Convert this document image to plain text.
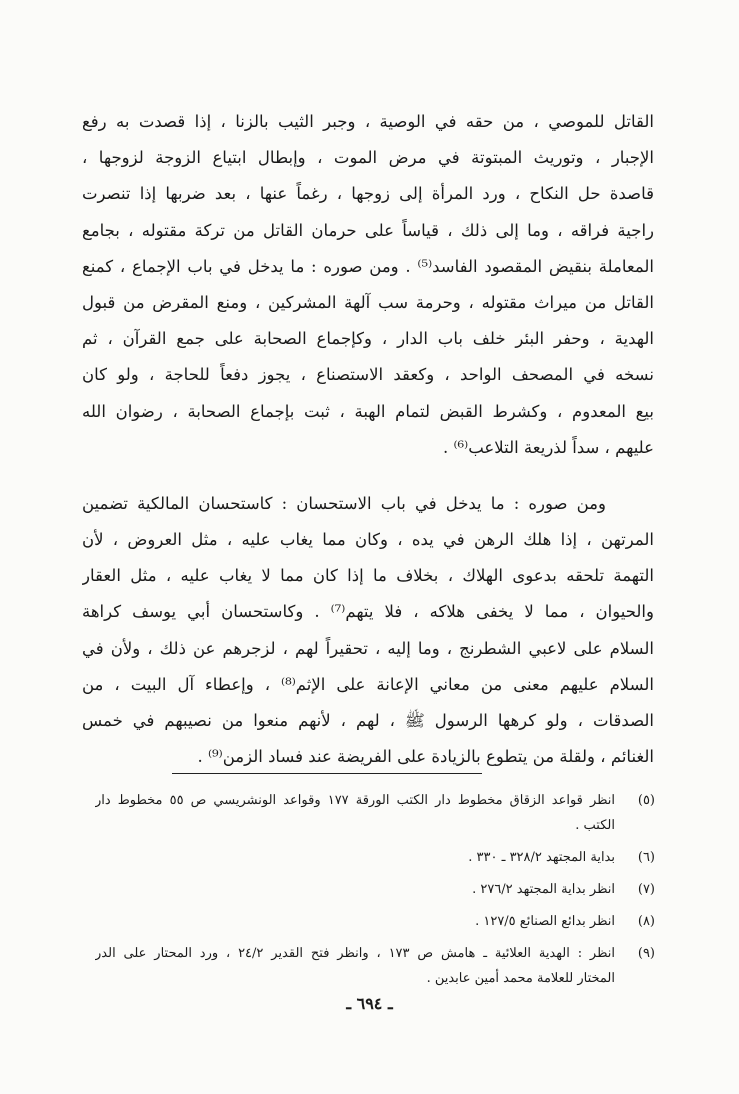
القاتل للموصي ، من حقه في الوصية ، وجبر الثيب بالزنا ، إذا قصدت به رفع
الإجبار ، وتوريث المبتوتة في مرض الموت ، وإبطال ابتياع الزوجة لزوجها ،
قاصدة حل النكاح ، ورد المرأة إلى زوجها ، رغماً عنها ، بعد ضربها إذا تنصرت
راجية فراقه ، وما إلى ذلك ، قياساً على حرمان القاتل من تركة مقتوله ، بجامع
المعاملة بنقيض المقصود الفاسد⁽⁵⁾ . ومن صوره : ما يدخل في باب الإجماع ، كمنع
القاتل من ميراث مقتوله ، وحرمة سب آلهة المشركين ، ومنع المقرض من قبول
الهدية ، وحفر البئر خلف باب الدار ، وكإجماع الصحابة على جمع القرآن ، ثم
نسخه في المصحف الواحد ، وكعقد الاستصناع ، يجوز دفعاً للحاجة ، ولو كان
بيع المعدوم ، وكشرط القبض لتمام الهبة ، ثبت بإجماع الصحابة ، رضوان الله
عليهم ، سداً لذريعة التلاعب⁽⁶⁾ .
ومن صوره : ما يدخل في باب الاستحسان : كاستحسان المالكية تضمين
المرتهن ، إذا هلك الرهن في يده ، وكان مما يغاب عليه ، مثل العروض ، لأن
التهمة تلحقه بدعوى الهلاك ، بخلاف ما إذا كان مما لا يغاب عليه ، مثل العقار
والحيوان ، مما لا يخفى هلاكه ، فلا يتهم⁽⁷⁾ . وكاستحسان أبي يوسف كراهة
السلام على لاعبي الشطرنج ، وما إليه ، تحقيراً لهم ، لزجرهم عن ذلك ، ولأن في
السلام عليهم معنى من معاني الإعانة على الإثم⁽⁸⁾ ، وإعطاء آل البيت ، من
الصدقات ، ولو كرهها الرسول ﷺ ، لهم ، لأنهم منعوا من نصيبهم في خمس
الغنائم ، ولقلة من يتطوع بالزيادة على الفريضة عند فساد الزمن⁽⁹⁾ .
(٥)
انظر قواعد الزقاق مخطوط دار الكتب الورقة ١٧٧ وقواعد الونشريسي ص ٥٥ مخطوط دار
الكتب .
(٦)
بداية المجتهد ٣٢٨/٢ ـ ٣٣٠ .
(٧)
انظر بداية المجتهد ٢٧٦/٢ .
(٨)
انظر بدائع الصنائع ١٢٧/٥ .
(٩)
انظر : الهدية العلائية ـ هامش ص ١٧٣ ، وانظر فتح القدير ٢٤/٢ ، ورد المحتار على الدر
المختار للعلامة محمد أمين عابدين .
ـ ٦٩٤ ـ
